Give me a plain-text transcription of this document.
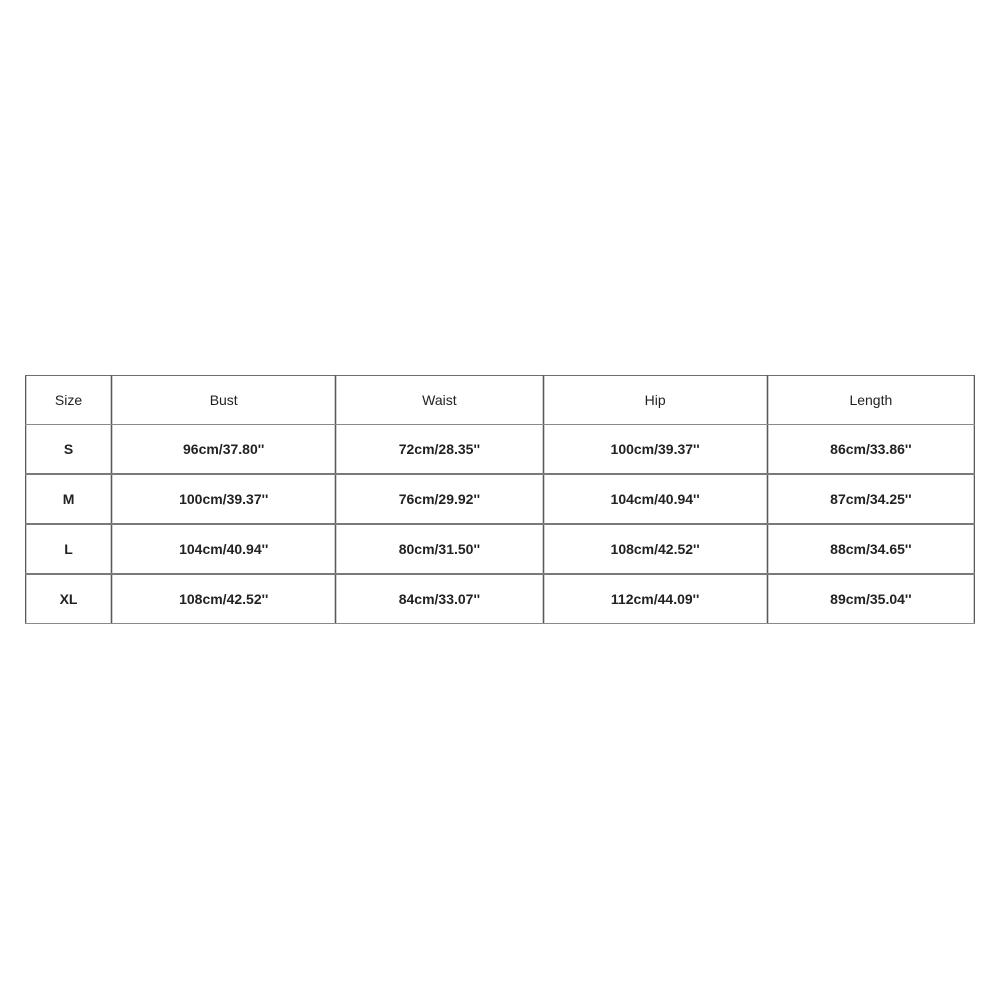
Size	Bust	Waist	Hip	Length
S	96cm/37.80''	72cm/28.35''	100cm/39.37''	86cm/33.86''
M	100cm/39.37''	76cm/29.92''	104cm/40.94''	87cm/34.25''
L	104cm/40.94''	80cm/31.50''	108cm/42.52''	88cm/34.65''
XL	108cm/42.52''	84cm/33.07''	112cm/44.09''	89cm/35.04''
